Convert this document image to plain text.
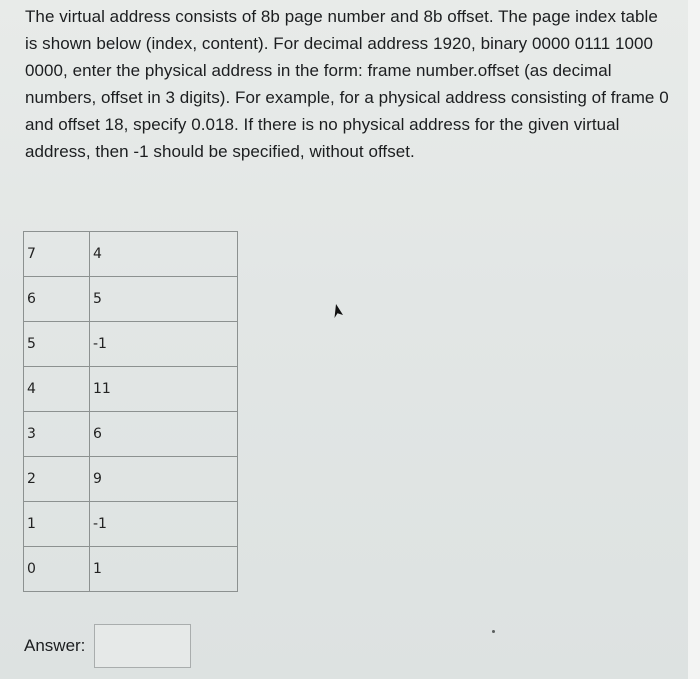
The virtual address consists of 8b page number and 8b offset. The page index table is shown below (index, content). For decimal address 1920, binary 0000 0111 1000 0000, enter the physical address in the form: frame number.offset (as decimal numbers, offset in 3 digits). For example, for a physical address consisting of frame 0 and offset 18, specify 0.018. If there is no physical address for the given virtual address, then -1 should be specified, without offset.

7	4
6	5
5	-1
4	11
3	6
2	9
1	-1
0	1
Answer:
